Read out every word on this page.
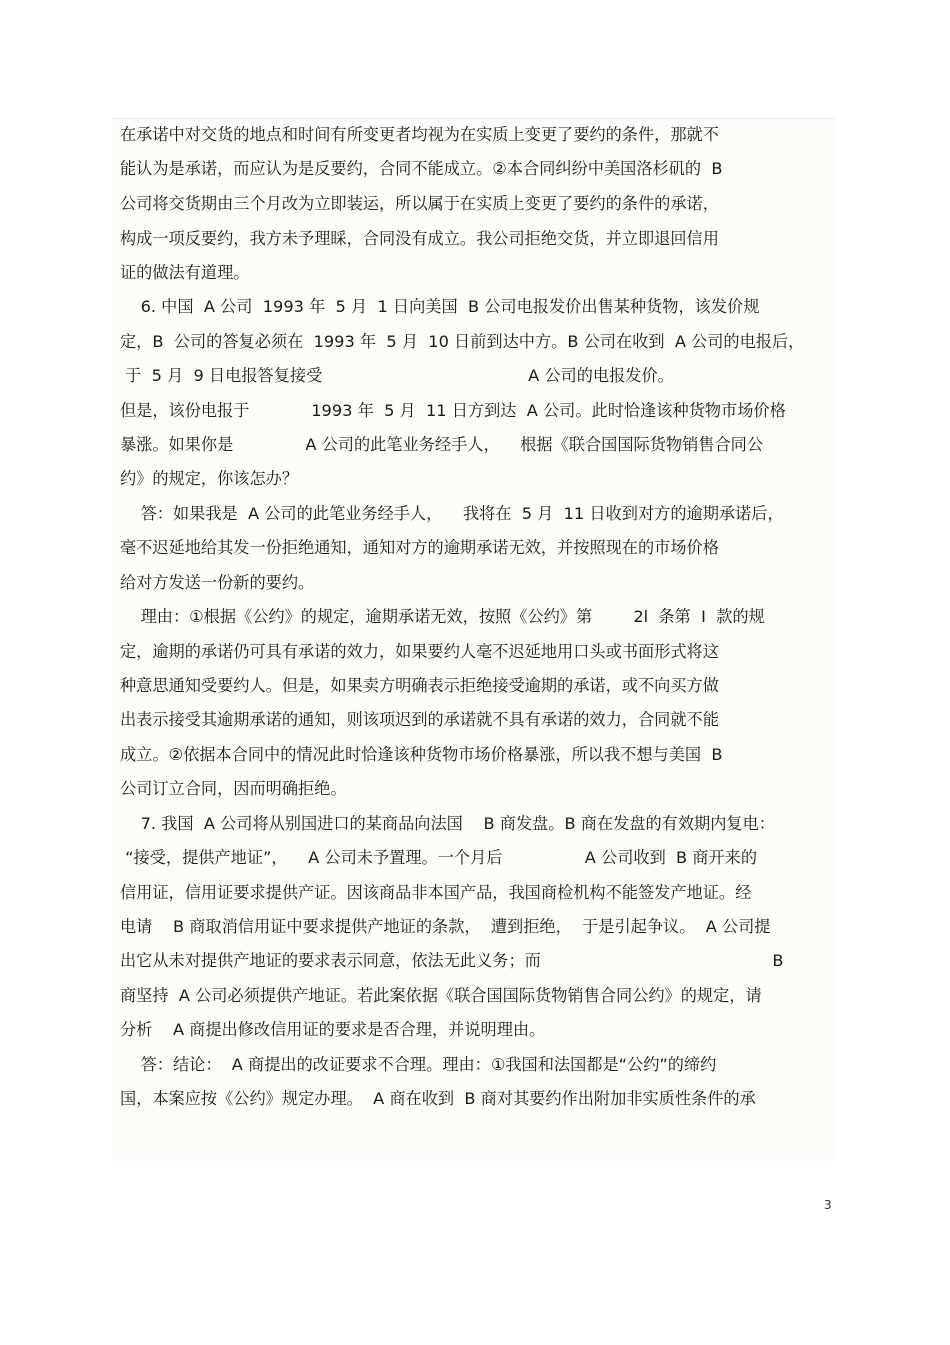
在承诺中对交货的地点和时间有所变更者均视为在实质上变更了要约的条件，那就不
能认为是承诺，而应认为是反要约，合同不能成立。②本合同纠纷中美国洛杉矶的  B
公司将交货期由三个月改为立即装运，所以属于在实质上变更了要约的条件的承诺，
构成一项反要约，我方未予理睬，合同没有成立。我公司拒绝交货，并立即退回信用
证的做法有道理。
6. 中国  A 公司  1993 年  5 月  1 日向美国  B 公司电报发价出售某种货物，该发价规
定，B  公司的答复必须在  1993 年  5 月  10 日前到达中方。B 公司在收到  A 公司的电报后，
于  5 月  9 日电报答复接受                                        A 公司的电报发价。
但是，该份电报于            1993 年  5 月  11 日方到达  A 公司。此时恰逢该种货物市场价格
暴涨。如果你是              A 公司的此笔业务经手人，    根据《联合国国际货物销售合同公
约》的规定，你该怎办？
答：如果我是  A 公司的此笔业务经手人，    我将在  5 月  11 日收到对方的逾期承诺后，
毫不迟延地给其发一份拒绝通知，通知对方的逾期承诺无效，并按照现在的市场价格
给对方发送一份新的要约。
理由：①根据《公约》的规定，逾期承诺无效，按照《公约》第        2l  条第  I  款的规
定，逾期的承诺仍可具有承诺的效力，如果要约人毫不迟延地用口头或书面形式将这
种意思通知受要约人。但是，如果卖方明确表示拒绝接受逾期的承诺，或不向买方做
出表示接受其逾期承诺的通知，则该项迟到的承诺就不具有承诺的效力，合同就不能
成立。②依据本合同中的情况此时恰逢该种货物市场价格暴涨，所以我不想与美国  B
公司订立合同，因而明确拒绝。
7. 我国  A 公司将从别国进口的某商品向法国    B 商发盘。B 商在发盘的有效期内复电：
“接受，提供产地证”，    A 公司未予置理。一个月后                A 公司收到  B 商开来的
信用证，信用证要求提供产证。因该商品非本国产品，我国商检机构不能签发产地证。经
电请    B 商取消信用证中要求提供产地证的条款，  遭到拒绝，  于是引起争议。  A 公司提
出它从未对提供产地证的要求表示同意，依法无此义务；而                                             B
商坚持  A 公司必须提供产地证。若此案依据《联合国国际货物销售合同公约》的规定，请
分析    A 商提出修改信用证的要求是否合理，并说明理由。
答：结论：  A 商提出的改证要求不合理。理由：①我国和法国都是“公约”的缔约
国，本案应按《公约》规定办理。  A 商在收到  B 商对其要约作出附加非实质性条件的承
3
